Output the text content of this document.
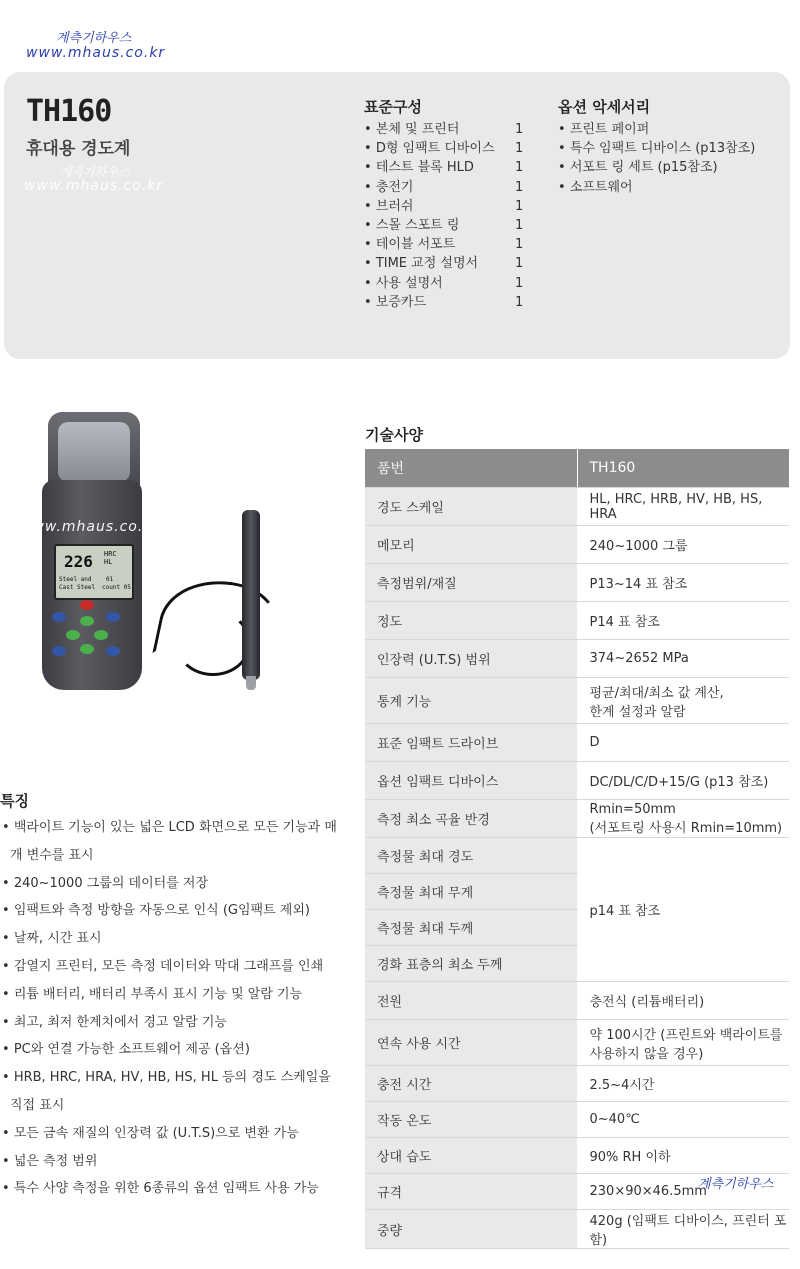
계측기하우스
www.mhaus.co.kr
TH160
휴대용 경도계
계측기하우스
www.mhaus.co.kr
표준구성
• 본체 및 프린터	1
• D형 임팩트 디바이스 1
• 테스트 블록 HLD	1
• 충전기	1
• 브러쉬	1
• 스몰 스포트 링	1
• 테이블 서포트	1
• TIME 교정 설명서	1
• 사용 설명서	1
• 보증카드	1
옵션 악세서리
• 프린트 페이퍼
• 특수 임팩트 디바이스 (p13참조)
• 서포트 링 세트 (p15참조)
• 소프트웨어
226 HRC
HL
Steel and
Cast Steel
01
count 05
www.mhaus.co.kr
특징
• 백라이트 기능이 있는 넓은 LCD 화면으로 모든 기능과 매개 변수를 표시
• 240~1000 그룹의 데이터를 저장
• 임팩트와 측정 방향을 자동으로 인식 (G임팩트 제외)
• 날짜, 시간 표시
• 감열지 프린터, 모든 측정 데이터와 막대 그래프를 인쇄
• 리튬 배터리, 배터리 부족시 표시 기능 및 알람 기능
• 최고, 최저 한계치에서 경고 알람 기능
• PC와 연결 가능한 소프트웨어 제공 (옵션)
• HRB, HRC, HRA, HV, HB, HS, HL 등의 경도 스케일을 직접 표시
• 모든 금속 재질의 인장력 값 (U.T.S)으로 변환 가능
• 넓은 측정 범위
• 특수 사양 측정을 위한 6종류의 옵션 임팩트 사용 가능
기술사양
품번	TH160
경도 스케일	HL, HRC, HRB, HV, HB, HS, HRA
메모리	240~1000 그룹
측정범위/재질	P13~14 표 참조
정도	P14 표 참조
인장력 (U.T.S) 범위	374~2652 MPa
통계 기능	평균/최대/최소 값 계산,
한계 설정과 알람
표준 임팩트 드라이브	D
옵션 임팩트 디바이스	DC/DL/C/D+15/G (p13 참조)
측정 최소 곡율 반경	Rmin=50mm
(서포트링 사용시 Rmin=10mm)
측정물 최대 경도	p14 표 참조
측정물 최대 무게	
측정물 최대 두께	
경화 표층의 최소 두께	
전원	충전식 (리튬배터리)
연속 사용 시간	약 100시간 (프린트와 백라이트를
사용하지 않을 경우)
충전 시간	2.5~4시간
작동 온도	0~40℃
상대 습도	90% RH 이하
규격	230×90×46.5mm
중량	420g (임팩트 디바이스, 프린터 포함)
계측기하우스
